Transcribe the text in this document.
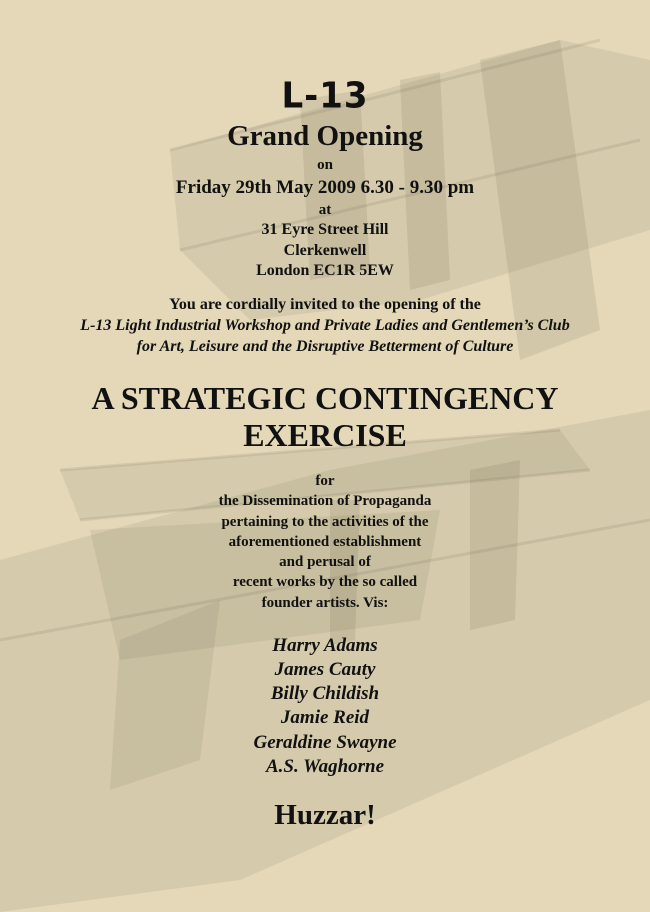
L-13
Grand Opening
on
Friday 29th May 2009 6.30 - 9.30 pm
at
31 Eyre Street Hill
Clerkenwell
London EC1R 5EW
You are cordially invited to the opening of the
L-13 Light Industrial Workshop and Private Ladies and Gentlemen’s Club
for Art, Leisure and the Disruptive Betterment of Culture
A STRATEGIC CONTINGENCY
EXERCISE
for
the Dissemination of Propaganda
pertaining to the activities of the
aforementioned establishment
and perusal of
recent works by the so called
founder artists. Vis:
Harry Adams
James Cauty
Billy Childish
Jamie Reid
Geraldine Swayne
A.S. Waghorne
Huzzar!
